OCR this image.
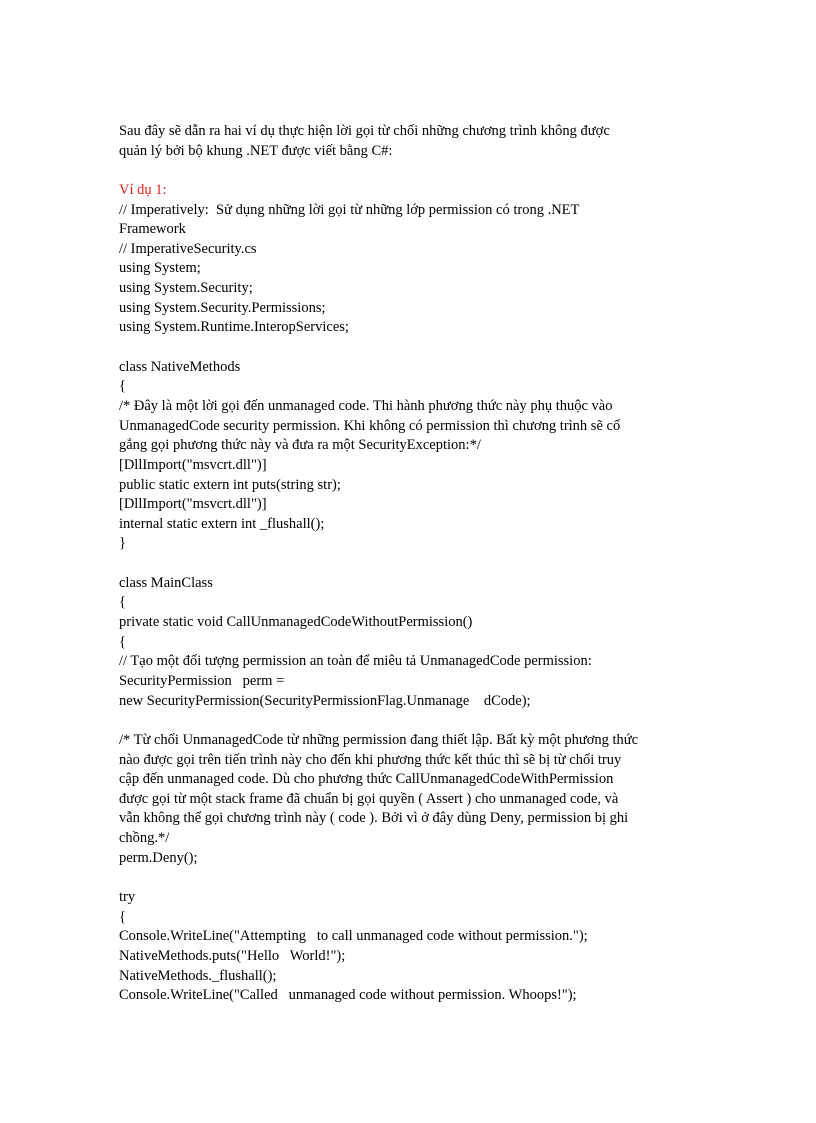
Sau đây sẽ dẫn ra hai ví dụ thực hiện lời gọi từ chối những chương trình không được
quản lý bởi bộ khung .NET được viết bằng C#:
Ví dụ 1:
// Imperatively:  Sử dụng những lời gọi từ những lớp permission có trong .NET
Framework
// ImperativeSecurity.cs
using System;
using System.Security;
using System.Security.Permissions;
using System.Runtime.InteropServices;
class NativeMethods
{
/* Đây là một lời gọi đến unmanaged code. Thi hành phương thức này phụ thuộc vào
UnmanagedCode security permission. Khi không có permission thì chương trình sẽ cố
gắng gọi phương thức này và đưa ra một SecurityException:*/
[DllImport("msvcrt.dll")]
public static extern int puts(string str);
[DllImport("msvcrt.dll")]
internal static extern int _flushall();
}
class MainClass
{
private static void CallUnmanagedCodeWithoutPermission()
{
// Tạo một đối tượng permission an toàn để miêu tả UnmanagedCode permission:
SecurityPermission   perm =
new SecurityPermission(SecurityPermissionFlag.Unmanage    dCode);
/* Từ chối UnmanagedCode từ những permission đang thiết lập. Bất kỳ một phương thức
nào được gọi trên tiến trình này cho đến khi phương thức kết thúc thì sẽ bị từ chối truy
cập đến unmanaged code. Dù cho phương thức CallUnmanagedCodeWithPermission
được gọi từ một stack frame đã chuẩn bị gọi quyền ( Assert ) cho unmanaged code, và
vẫn không thể gọi chương trình này ( code ). Bởi vì ở đây dùng Deny, permission bị ghi
chồng.*/
perm.Deny();
try
{
Console.WriteLine("Attempting   to call unmanaged code without permission.");
NativeMethods.puts("Hello   World!");
NativeMethods._flushall();
Console.WriteLine("Called   unmanaged code without permission. Whoops!");
